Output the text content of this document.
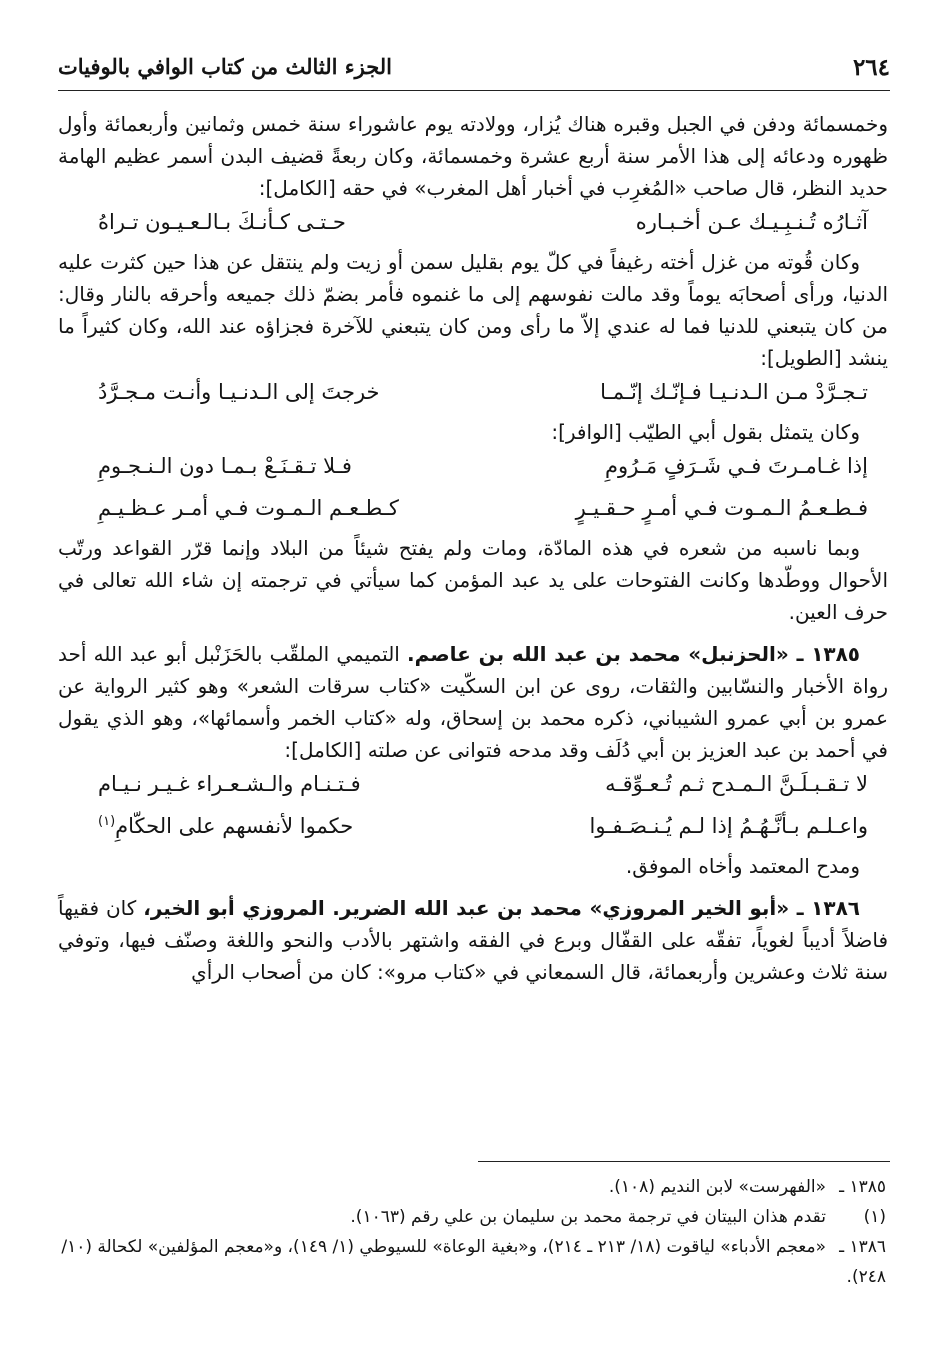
٢٦٤
الجزء الثالث من كتاب الوافي بالوفيات

وخمسمائة ودفن في الجبل وقبره هناك يُزار، وولادته يوم عاشوراء سنة خمس وثمانين وأربعمائة وأول ظهوره ودعائه إلى هذا الأمر سنة أربع عشرة وخمسمائة، وكان ربعةً قضيف البدن أسمر عظيم الهامة حديد النظر، قال صاحب «المُغرِب في أخبار أهل المغرب» في حقه [الكامل]:

آثـارُه تُـنـبِـيـك عـن أخـبـاره
حـتـى كـأنـكَ بـالـعـيـون تـراهُ

وكان قُوته من غزل أخته رغيفاً في كلّ يوم بقليل سمن أو زيت ولم ينتقل عن هذا حين كثرت عليه الدنيا، ورأى أصحابَه يوماً وقد مالت نفوسهم إلى ما غنموه فأمر بضمّ ذلك جميعه وأحرقه بالنار وقال: من كان يتبعني للدنيا فما له عندي إلاّ ما رأى ومن كان يتبعني للآخرة فجزاؤه عند الله، وكان كثيراً ما ينشد [الطويل]:

تـجـرَّدْ مـن الـدنـيـا فـإنّـك إنّـمـا
خرجتَ إلى الـدنـيـا وأنـت مـجـرَّدُ

وكان يتمثل بقول أبي الطيّب [الوافر]:

إذا غـامـرتَ فـي شَـرَفٍ مَـرُومِ
فـلا تـقـنَـعْ بـمـا دون الـنـجـومِ
فـطـعـمُ الـمـوت فـي أمـرٍ حـقـيـرٍ
كـطـعـم الـمـوت فـي أمـر عـظـيـمِ

وبما ناسبه من شعره في هذه المادّة، ومات ولم يفتح شيئاً من البلاد وإنما قرّر القواعد ورتّب الأحوال ووطّدها وكانت الفتوحات على يد عبد المؤمن كما سيأتي في ترجمته إن شاء الله تعالى في حرف العين.

١٣٨٥ ـ «الحزنبل» محمد بن عبد الله بن عاصم. التميمي الملقّب بالحَزَنْبل أبو عبد الله أحد رواة الأخبار والنسّابين والثقات، روى عن ابن السكّيت «كتاب سرقات الشعر» وهو كثير الرواية عن عمرو بن أبي عمرو الشيباني، ذكره محمد بن إسحاق، وله «كتاب الخمر وأسمائها»، وهو الذي يقول في أحمد بن عبد العزيز بن أبي دُلَف وقد مدحه فتوانى عن صلته [الكامل]:

لا تـقـبـلَـنَّ الـمـدح ثـم تُـعـوِّقـه
فـتـنـام والـشـعـراء غـيـر نـيـام
واعـلـم بـأنَّـهُـمُ إذا لـم يُـنـصَـفـوا
حكموا لأنفسهم على الحكّامِ$^{(١)}$

ومدح المعتمد وأخاه الموفق.

١٣٨٦ ـ «أبو الخير المروزي» محمد بن عبد الله الضرير. المروزي أبو الخير، كان فقيهاً فاضلاً أديباً لغوياً، تفقّه على القفّال وبرع في الفقه واشتهر بالأدب والنحو واللغة وصنّف فيها، وتوفي سنة ثلاث وعشرين وأربعمائة، قال السمعاني في «كتاب مرو»: كان من أصحاب الرأي

١٣٨٥ ـ«الفهرست» لابن النديم (١٠٨).

(١)تقدم هذان البيتان في ترجمة محمد بن سليمان بن علي رقم (١٠٦٣).

١٣٨٦ ـ«معجم الأدباء» لياقوت (١٨/ ٢١٣ ـ ٢١٤)، و«بغية الوعاة» للسيوطي (١/ ١٤٩)، و«معجم المؤلفين» لكحالة (١٠/ ٢٤٨).
